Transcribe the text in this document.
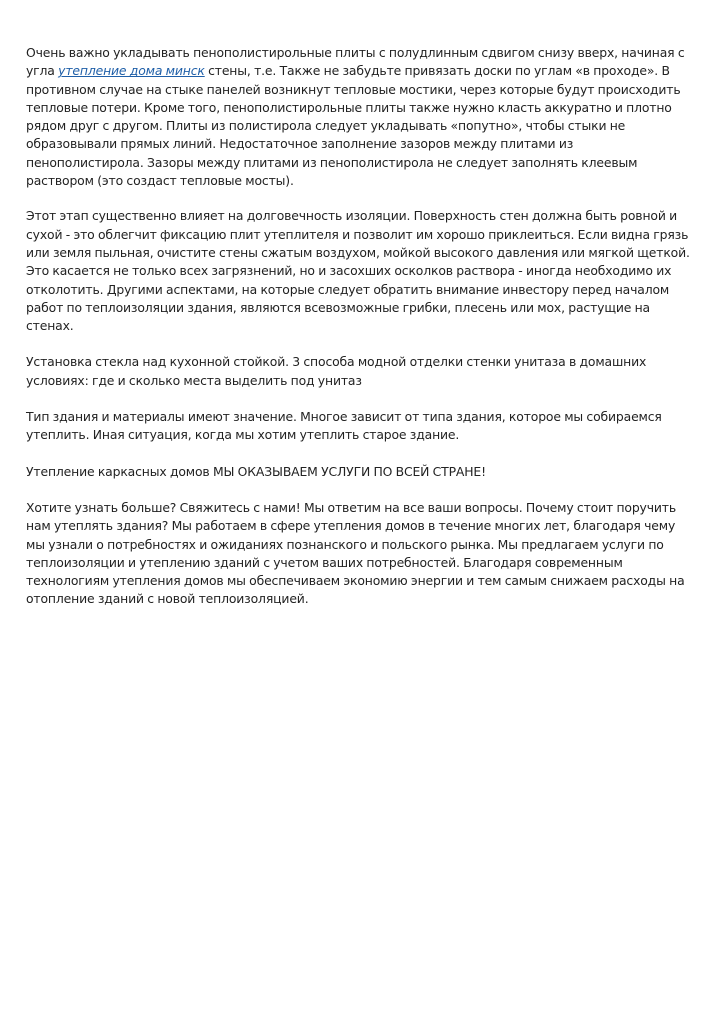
Очень важно укладывать пенополистирольные плиты с полудлинным сдвигом снизу вверх, начиная с угла утепление дома минск стены, т.е. Также не забудьте привязать доски по углам «в проходе». В противном случае на стыке панелей возникнут тепловые мостики, через которые будут происходить тепловые потери. Кроме того, пенополистирольные плиты также нужно класть аккуратно и плотно рядом друг с другом. Плиты из полистирола следует укладывать «попутно», чтобы стыки не образовывали прямых линий. Недостаточное заполнение зазоров между плитами из пенополистирола. Зазоры между плитами из пенополистирола не следует заполнять клеевым раствором (это создаст тепловые мосты).

Этот этап существенно влияет на долговечность изоляции. Поверхность стен должна быть ровной и сухой - это облегчит фиксацию плит утеплителя и позволит им хорошо приклеиться. Если видна грязь или земля пыльная, очистите стены сжатым воздухом, мойкой высокого давления или мягкой щеткой. Это касается не только всех загрязнений, но и засохших осколков раствора - иногда необходимо их отколотить. Другими аспектами, на которые следует обратить внимание инвестору перед началом работ по теплоизоляции здания, являются всевозможные грибки, плесень или мох, растущие на стенах.

Установка стекла над кухонной стойкой. 3 способа модной отделки стенки унитаза в домашних условиях: где и сколько места выделить под унитаз

Тип здания и материалы имеют значение. Многое зависит от типа здания, которое мы собираемся утеплить. Иная ситуация, когда мы хотим утеплить старое здание.

Утепление каркасных домов МЫ ОКАЗЫВАЕМ УСЛУГИ ПО ВСЕЙ СТРАНЕ!

Хотите узнать больше? Свяжитесь с нами! Мы ответим на все ваши вопросы. Почему стоит поручить нам утеплять здания? Мы работаем в сфере утепления домов в течение многих лет, благодаря чему мы узнали о потребностях и ожиданиях познанского и польского рынка. Мы предлагаем услуги по теплоизоляции и утеплению зданий с учетом ваших потребностей. Благодаря современным технологиям утепления домов мы обеспечиваем экономию энергии и тем самым снижаем расходы на отопление зданий с новой теплоизоляцией.
